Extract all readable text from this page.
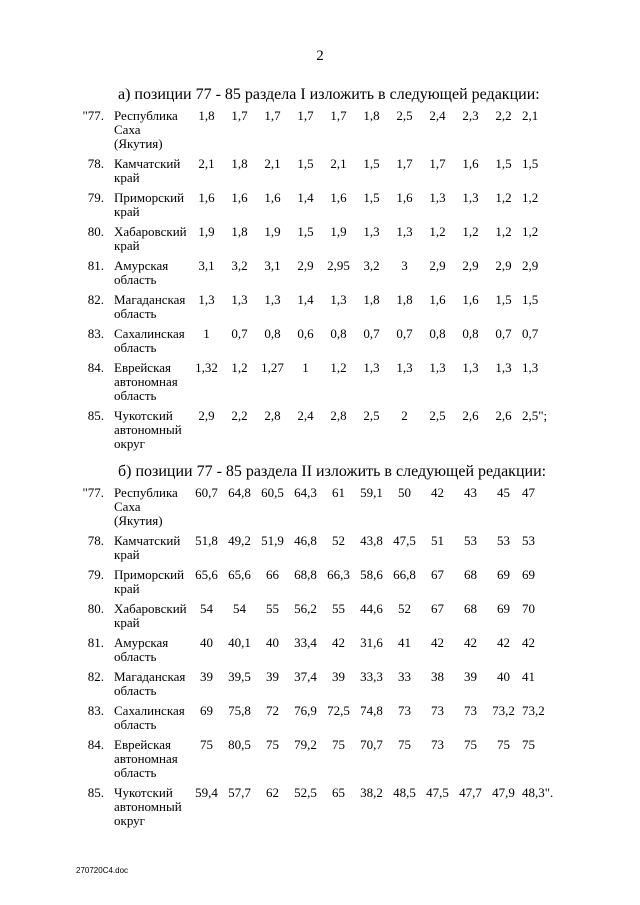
2
а) позиции 77 - 85 раздела I изложить в следующей редакции:
"77.	Республика
Саха
(Якутия)	1,8	1,7	1,7	1,7	1,7	1,8	2,5	2,4	2,3	2,2	2,1
78.	Камчатский
край	2,1	1,8	2,1	1,5	2,1	1,5	1,7	1,7	1,6	1,5	1,5
79.	Приморский
край	1,6	1,6	1,6	1,4	1,6	1,5	1,6	1,3	1,3	1,2	1,2
80.	Хабаровский
край	1,9	1,8	1,9	1,5	1,9	1,3	1,3	1,2	1,2	1,2	1,2
81.	Амурская
область	3,1	3,2	3,1	2,9	2,95	3,2	3	2,9	2,9	2,9	2,9
82.	Магаданская
область	1,3	1,3	1,3	1,4	1,3	1,8	1,8	1,6	1,6	1,5	1,5
83.	Сахалинская
область	1	0,7	0,8	0,6	0,8	0,7	0,7	0,8	0,8	0,7	0,7
84.	Еврейская
автономная
область	1,32	1,2	1,27	1	1,2	1,3	1,3	1,3	1,3	1,3	1,3
85.	Чукотский
автономный
округ	2,9	2,2	2,8	2,4	2,8	2,5	2	2,5	2,6	2,6	2,5";
б) позиции 77 - 85 раздела II изложить в следующей редакции:
"77.	Республика
Саха
(Якутия)	60,7	64,8	60,5	64,3	61	59,1	50	42	43	45	47
78.	Камчатский
край	51,8	49,2	51,9	46,8	52	43,8	47,5	51	53	53	53
79.	Приморский
край	65,6	65,6	66	68,8	66,3	58,6	66,8	67	68	69	69
80.	Хабаровский
край	54	54	55	56,2	55	44,6	52	67	68	69	70
81.	Амурская
область	40	40,1	40	33,4	42	31,6	41	42	42	42	42
82.	Магаданская
область	39	39,5	39	37,4	39	33,3	33	38	39	40	41
83.	Сахалинская
область	69	75,8	72	76,9	72,5	74,8	73	73	73	73,2	73,2
84.	Еврейская
автономная
область	75	80,5	75	79,2	75	70,7	75	73	75	75	75
85.	Чукотский
автономный
округ	59,4	57,7	62	52,5	65	38,2	48,5	47,5	47,7	47,9	48,3".
270720C4.doc
